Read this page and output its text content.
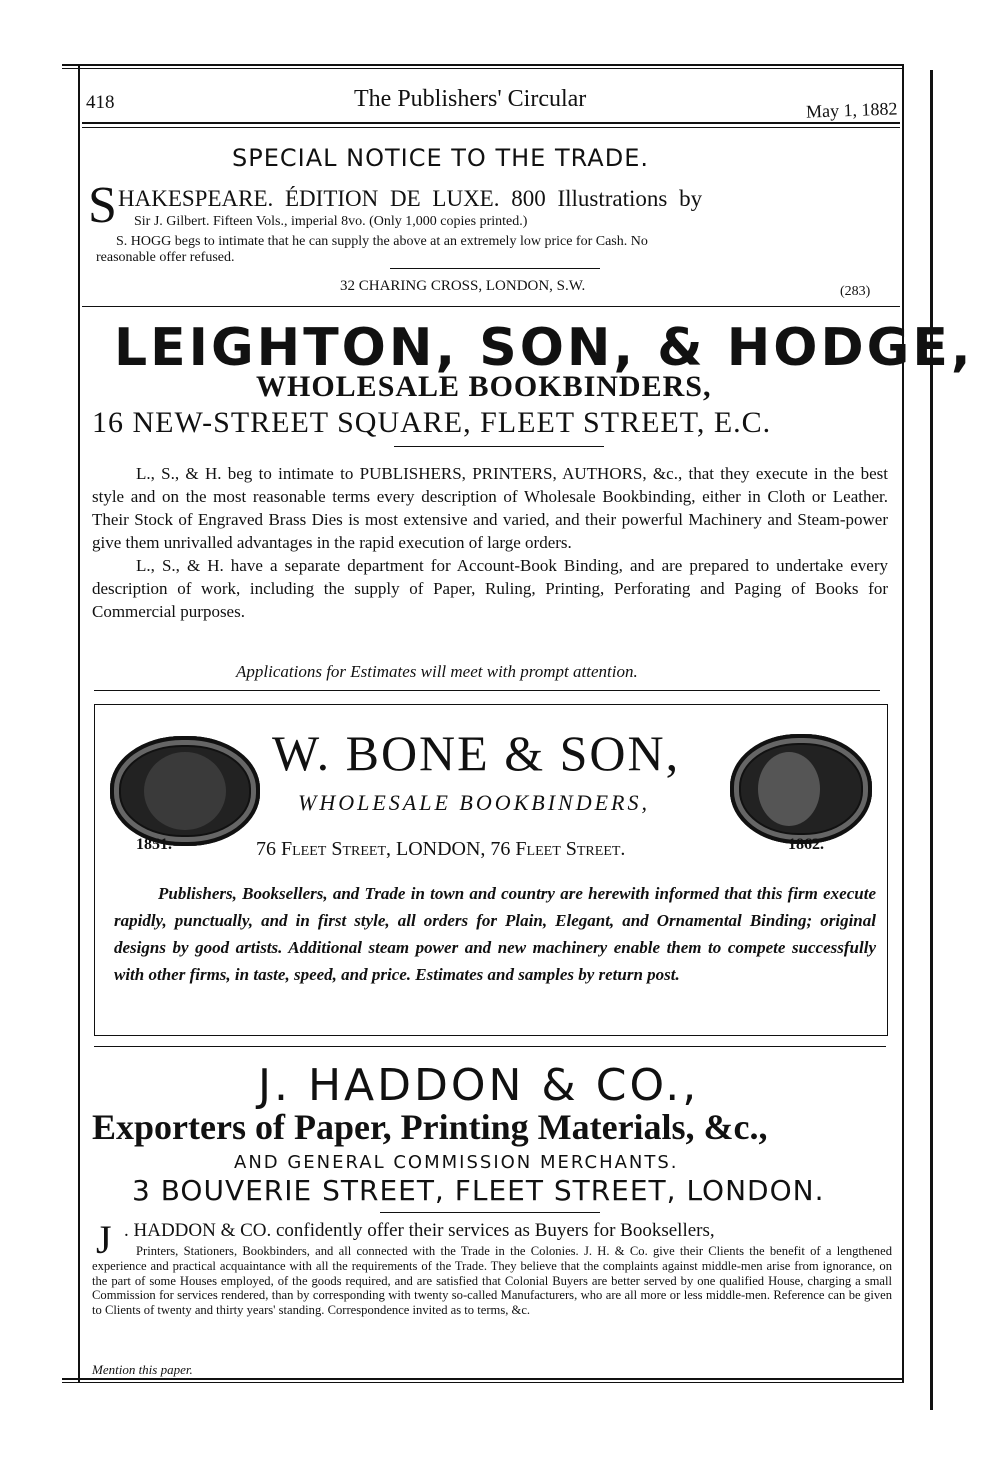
418	The Publishers' Circular	May 1, 1882
SPECIAL NOTICE TO THE TRADE.
S HAKESPEARE. ÉDITION DE LUXE. 800 Illustrations by
Sir J. Gilbert. Fifteen Vols., imperial 8vo. (Only 1,000 copies printed.)
S. HOGG begs to intimate that he can supply the above at an extremely low price for Cash. No
reasonable offer refused.
32 CHARING CROSS, LONDON, S.W.	(283)
LEIGHTON, SON, & HODGE,
WHOLESALE BOOKBINDERS,
16 NEW-STREET SQUARE, FLEET STREET, E.C.

L., S., & H. beg to intimate to PUBLISHERS, PRINTERS, AUTHORS, &c., that they execute in the best style and on the most reasonable terms every description of Wholesale Bookbinding, either in Cloth or Leather. Their Stock of Engraved Brass Dies is most extensive and varied, and their powerful Machinery and Steam-power give them unrivalled advantages in the rapid execution of large orders.

L., S., & H. have a separate department for Account-Book Binding, and are prepared to undertake every description of work, including the supply of Paper, Ruling, Printing, Perforating and Paging of Books for Commercial purposes.

Applications for Estimates will meet with prompt attention.
W. BONE & SON,
WHOLESALE BOOKBINDERS,
1851.	1862.
76 Fleet Street, LONDON, 76 Fleet Street.
Publishers, Booksellers, and Trade in town and country are herewith informed that this firm execute rapidly, punctually, and in first style, all orders for Plain, Elegant, and Ornamental Binding; original designs by good artists. Additional steam power and new machinery enable them to compete successfully with other firms, in taste, speed, and price. Estimates and samples by return post.
J. HADDON & CO.,
Exporters of Paper, Printing Materials, &c.,
AND GENERAL COMMISSION MERCHANTS.
3 BOUVERIE STREET, FLEET STREET, LONDON.
J . HADDON & CO. confidently offer their services as Buyers for Booksellers,
Printers, Stationers, Bookbinders, and all connected with the Trade in the Colonies. J. H. & Co. give their Clients the benefit of a lengthened experience and practical acquaintance with all the requirements of the Trade. They believe that the complaints against middle-men arise from ignorance, on the part of some Houses employed, of the goods required, and are satisfied that Colonial Buyers are better served by one qualified House, charging a small Commission for services rendered, than by corresponding with twenty so-called Manufacturers, who are all more or less middle-men. Reference can be given to Clients of twenty and thirty years' standing. Correspondence invited as to terms, &c.
Mention this paper.
